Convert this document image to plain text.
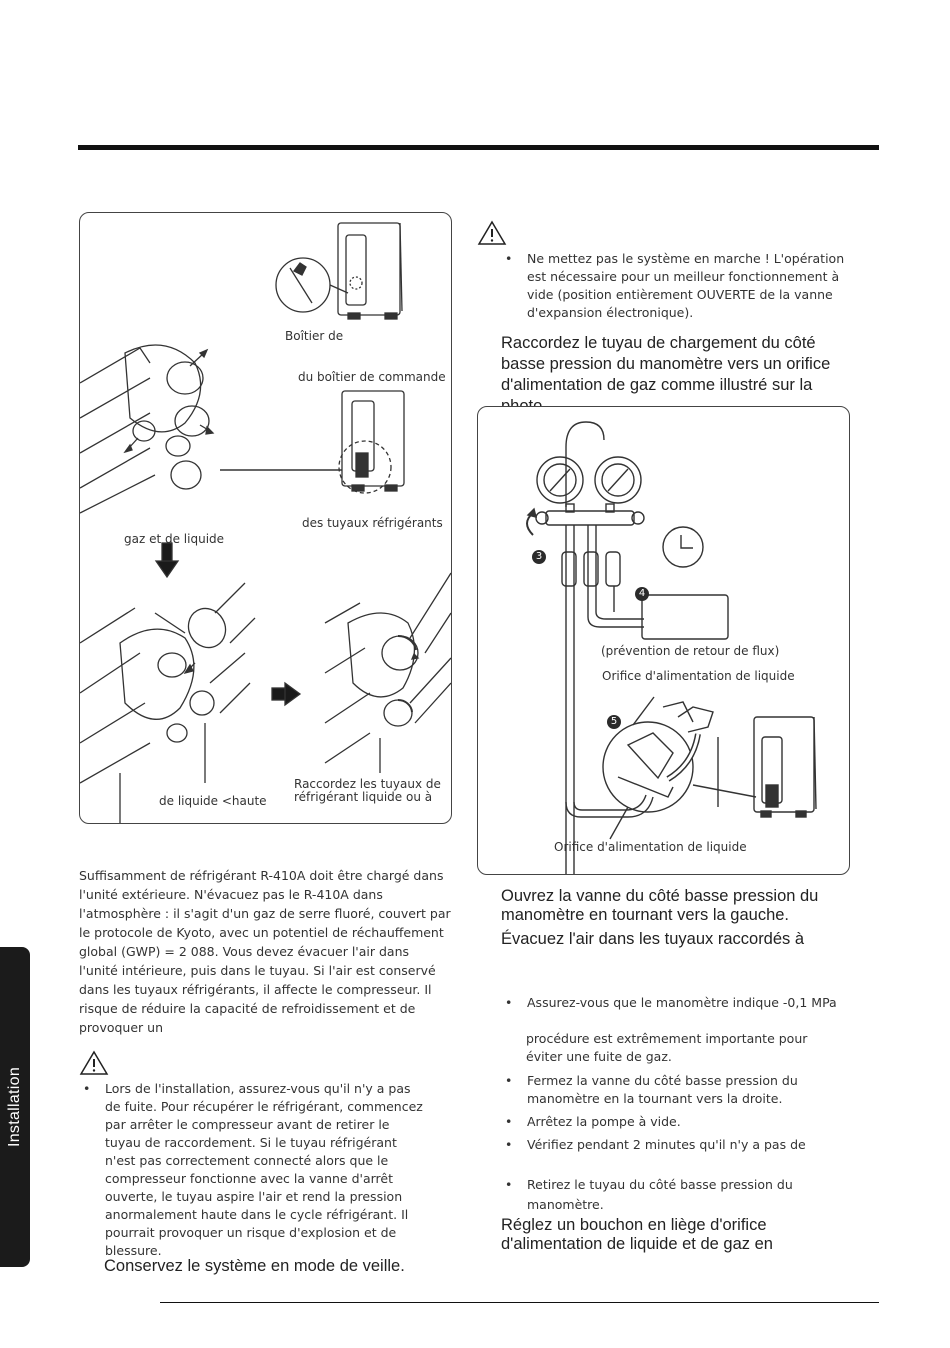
Installation
Boîtier de
du boîtier de commande
gaz et de liquide
des tuyaux réfrigérants
de liquide <haute
Raccordez les tuyaux de
réfrigérant liquide ou à
• Ne mettez pas le système en marche ! L'opération est nécessaire pour un meilleur fonctionnement à vide (position entièrement OUVERTE de la vanne d'expansion électronique).
Raccordez le tuyau de chargement du côté basse pression du manomètre vers un orifice d'alimentation de gaz comme illustré sur la
3
4
5
(prévention de retour de flux)
Orifice d'alimentation de liquide
Orifice d'alimentation de liquide
Ouvrez la vanne du côté basse pression du manomètre en tournant vers la gauche.
Évacuez l'air dans les tuyaux raccordés à
• Assurez-vous que le manomètre indique -0,1 MPa
procédure est extrêmement importante pour éviter une fuite de gaz.
• Fermez la vanne du côté basse pression du manomètre en la tournant vers la droite.
• Arrêtez la pompe à vide.
• Vérifiez pendant 2 minutes qu'il n'y a pas de
• Retirez le tuyau du côté basse pression du manomètre.
Réglez un bouchon en liège d'orifice d'alimentation de liquide et de gaz en
Suffisamment de réfrigérant R-410A doit être chargé dans l'unité extérieure. N'évacuez pas le R-410A dans l'atmosphère : il s'agit d'un gaz de serre fluoré, couvert par le protocole de Kyoto, avec un potentiel de réchauffement global (GWP) = 2 088. Vous devez évacuer l'air dans l'unité intérieure, puis dans le tuyau. Si l'air est conservé dans les tuyaux réfrigérants, il affecte le compresseur. Il risque de réduire la capacité de refroidissement et de provoquer un
• Lors de l'installation, assurez-vous qu'il n'y a pas de fuite. Pour récupérer le réfrigérant, commencez par arrêter le compresseur avant de retirer le tuyau de raccordement. Si le tuyau réfrigérant n'est pas correctement connecté alors que le compresseur fonctionne avec la vanne d'arrêt ouverte, le tuyau aspire l'air et rend la pression anormalement haute dans le cycle réfrigérant. Il pourrait provoquer un risque d'explosion et de blessure.
Conservez le système en mode de veille.
